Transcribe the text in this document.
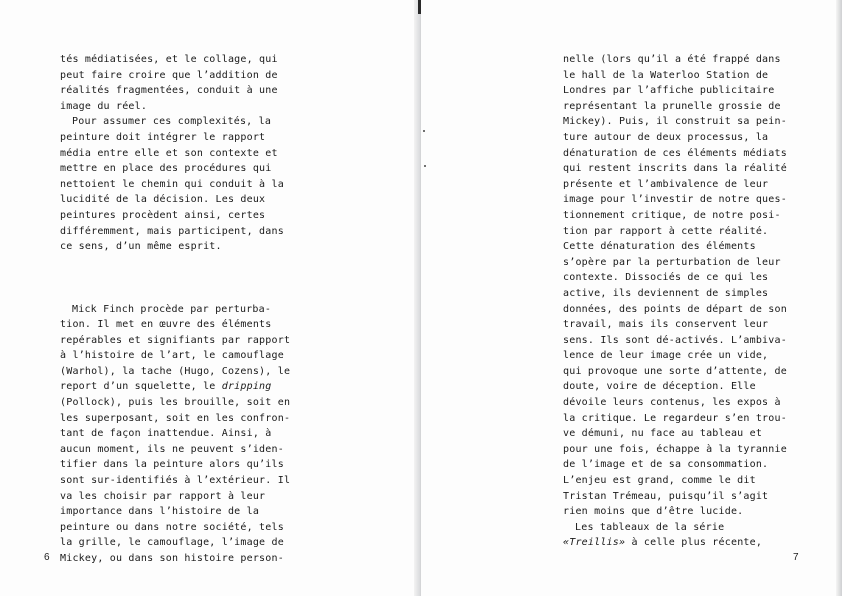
tés médiatisées, et le collage, qui
peut faire croire que l’addition de
réalités fragmentées, conduit à une
image du réel.
Pour assumer ces complexités, la
peinture doit intégrer le rapport
média entre elle et son contexte et
mettre en place des procédures qui
nettoient le chemin qui conduit à la
lucidité de la décision. Les deux
peintures procèdent ainsi, certes
différemment, mais participent, dans
ce sens, d’un même esprit.
Mick Finch procède par perturba-
tion. Il met en œuvre des éléments
repérables et signifiants par rapport
à l’histoire de l’art, le camouflage
(Warhol), la tache (Hugo, Cozens), le
report d’un squelette, le dripping
(Pollock), puis les brouille, soit en
les superposant, soit en les confron-
tant de façon inattendue. Ainsi, à
aucun moment, ils ne peuvent s’iden-
tifier dans la peinture alors qu’ils
sont sur-identifiés à l’extérieur. Il
va les choisir par rapport à leur
importance dans l’histoire de la
peinture ou dans notre société, tels
la grille, le camouflage, l’image de
Mickey, ou dans son histoire person-
6	7
nelle (lors qu’il a été frappé dans
le hall de la Waterloo Station de
Londres par l’affiche publicitaire
représentant la prunelle grossie de
Mickey). Puis, il construit sa pein-
ture autour de deux processus, la
dénaturation de ces éléments médiats
qui restent inscrits dans la réalité
présente et l’ambivalence de leur
image pour l’investir de notre ques-
tionnement critique, de notre posi-
tion par rapport à cette réalité.
Cette dénaturation des éléments
s’opère par la perturbation de leur
contexte. Dissociés de ce qui les
active, ils deviennent de simples
données, des points de départ de son
travail, mais ils conservent leur
sens. Ils sont dé-activés. L’ambiva-
lence de leur image crée un vide,
qui provoque une sorte d’attente, de
doute, voire de déception. Elle
dévoile leurs contenus, les expos à
la critique. Le regardeur s’en trou-
ve démuni, nu face au tableau et
pour une fois, échappe à la tyrannie
de l’image et de sa consommation.
L’enjeu est grand, comme le dit
Tristan Trémeau, puisqu’il s’agit
rien moins que d’être lucide.
Les tableaux de la série
«Treillis» à celle plus récente,
